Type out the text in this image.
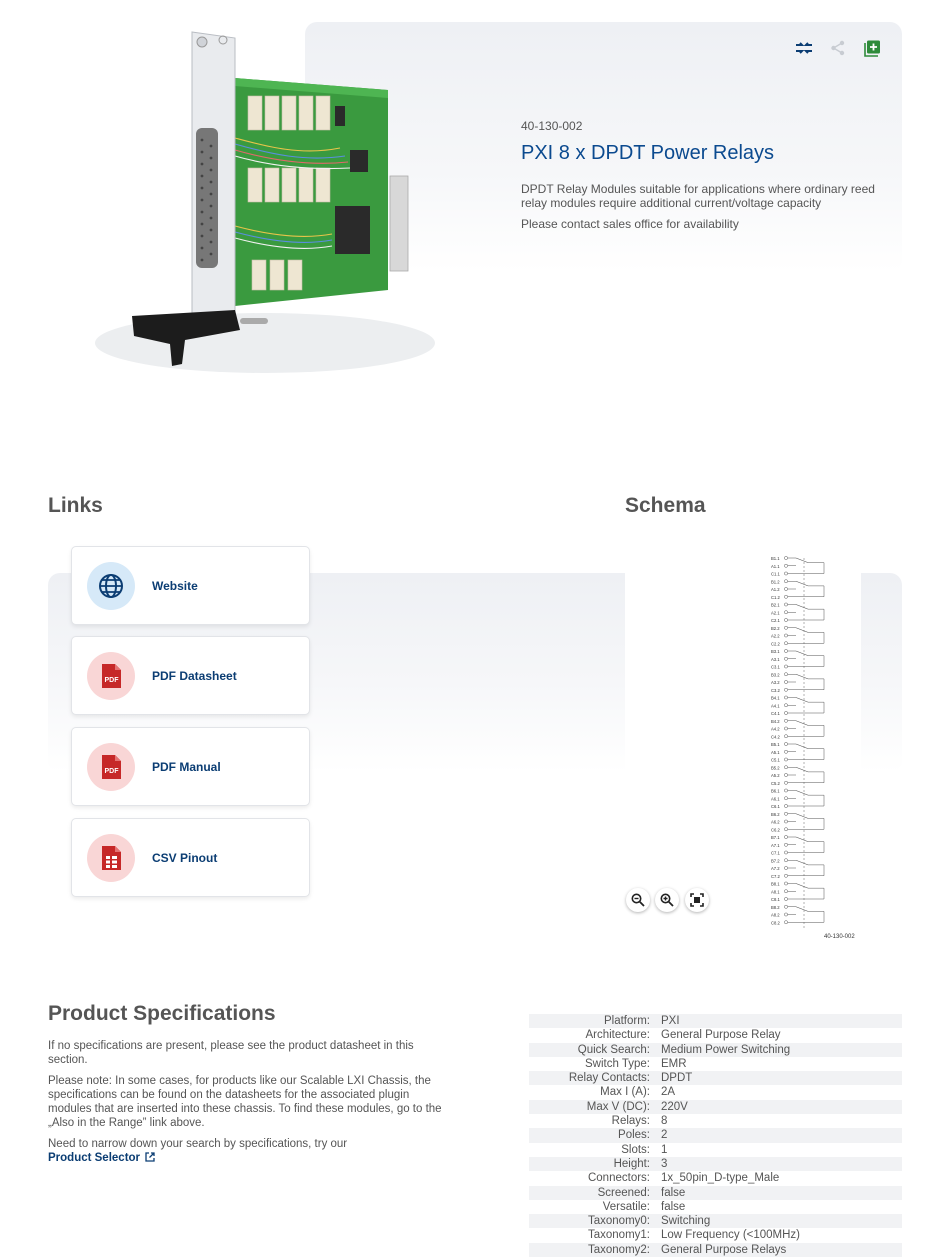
40-130-002
PXI 8 x DPDT Power Relays

DPDT Relay Modules suitable for applications where ordinary reed relay modules require additional current/voltage capacity

Please contact sales office for availability

Links	Schema
Website
PDF	PDF Datasheet
PDF	PDF Manual
CSV Pinout
40-130-002
B1.1
A1.1
C1.1
B1.2
A1.2
C1.2
B2.1
A2.1
C2.1
B2.2
A2.2
C2.2
B3.1
A3.1
C3.1
B3.2
A3.2
C3.2
B4.1
A4.1
C4.1
B4.2
A4.2
C4.2
B5.1
A5.1
C5.1
B5.2
A5.2
C5.2
B6.1
A6.1
C6.1
B6.2
A6.2
C6.2
B7.1
A7.1
C7.1
B7.2
A7.2
C7.2
B8.1
A8.1
C8.1
B8.2
A8.2
C8.2
Product Specifications

If no specifications are present, please see the product datasheet in this section.

Please note: In some cases, for products like our Scalable LXI Chassis, the specifications can be found on the datasheets for the associated plugin modules that are inserted into these chassis. To find these modules, go to the „Also in the Range” link above.

Need to narrow down your search by specifications, try our
Product Selector

Platform: PXI
Architecture: General Purpose Relay
Quick Search: Medium Power Switching
Switch Type: EMR
Relay Contacts: DPDT
Max I (A): 2A
Max V (DC): 220V
Relays: 8
Poles: 2
Slots: 1
Height: 3
Connectors: 1x_50pin_D-type_Male
Screened: false
Versatile: false
Taxonomy0: Switching
Taxonomy1: Low Frequency (<100MHz)
Taxonomy2: General Purpose Relays
